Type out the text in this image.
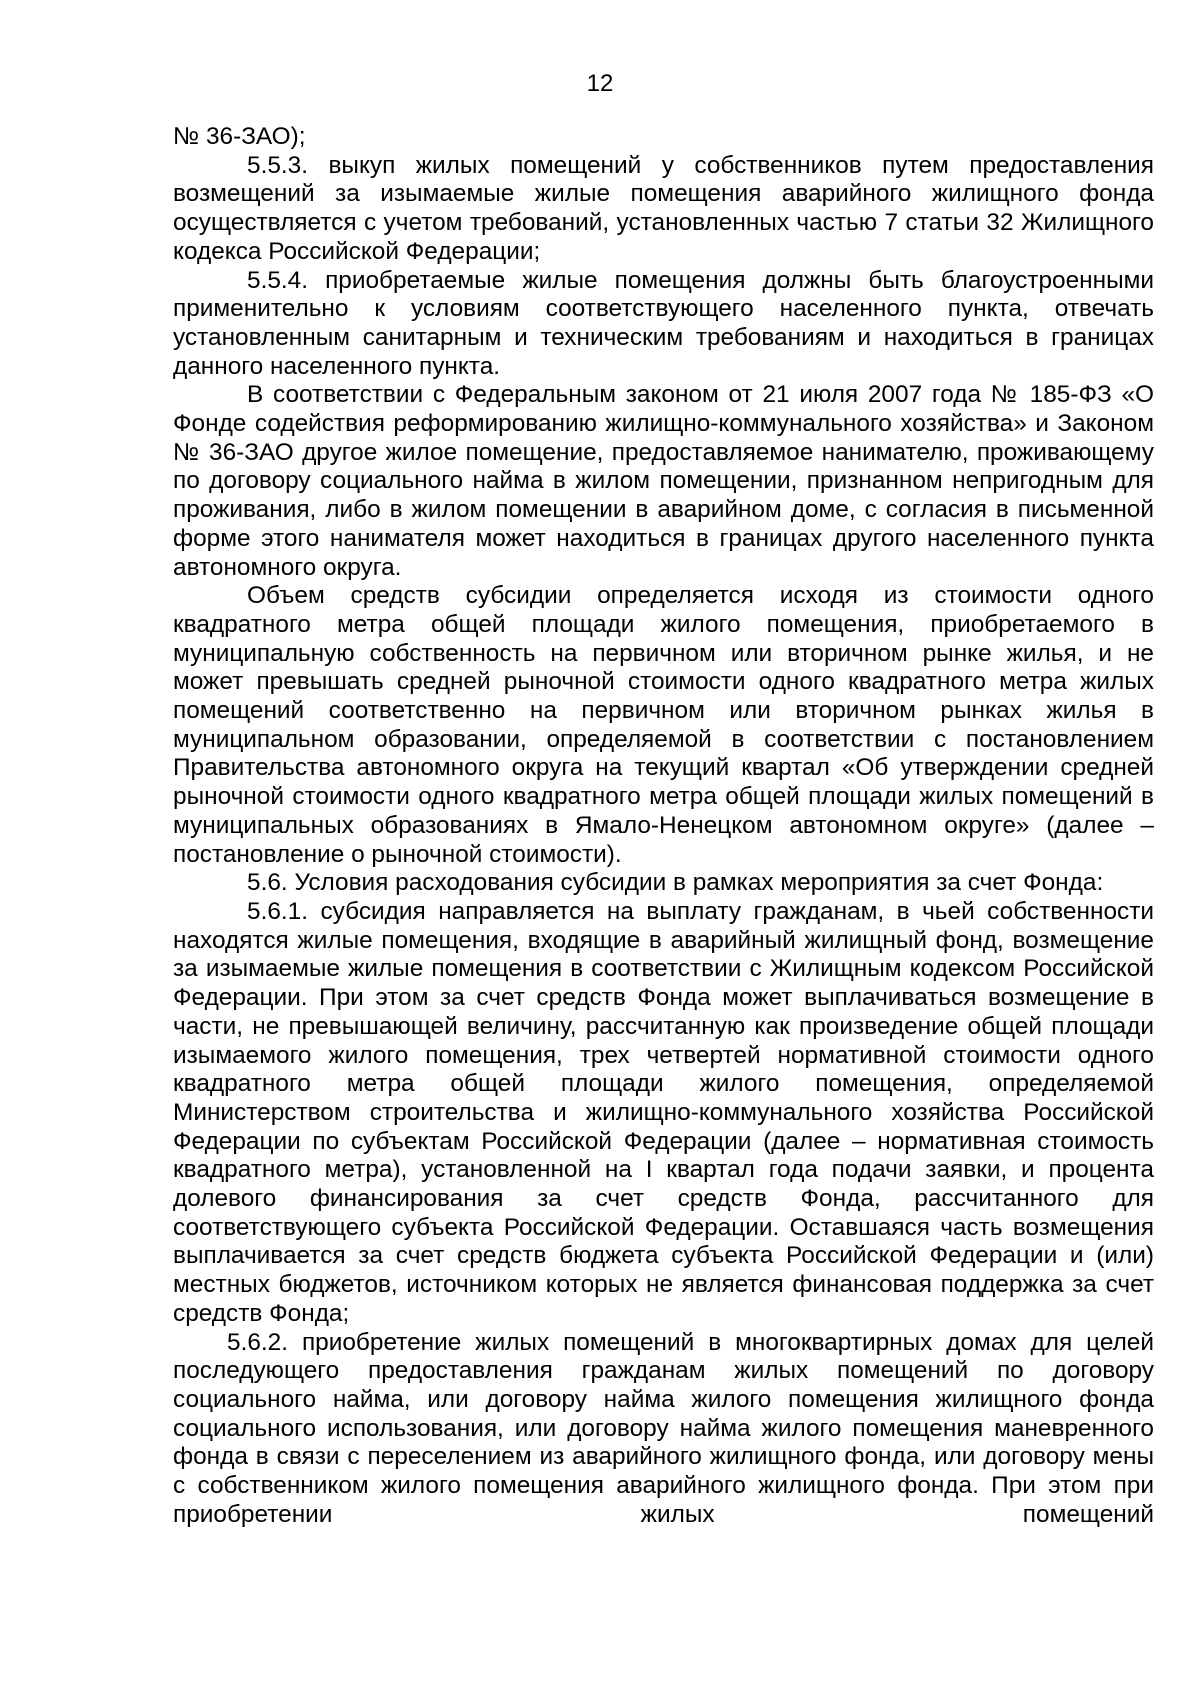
12

№ 36-ЗАО);

5.5.3. выкуп жилых помещений у собственников путем предоставления возмещений за изымаемые жилые помещения аварийного жилищного фонда осуществляется с учетом требований, установленных частью 7 статьи 32 Жилищного кодекса Российской Федерации;

5.5.4. приобретаемые жилые помещения должны быть благоустроенными применительно к условиям соответствующего населенного пункта, отвечать установленным санитарным и техническим требованиям и находиться в границах данного населенного пункта.

В соответствии с Федеральным законом от 21 июля 2007 года № 185-ФЗ «О Фонде содействия реформированию жилищно-коммунального хозяйства» и Законом № 36-ЗАО другое жилое помещение, предоставляемое нанимателю, проживающему по договору социального найма в жилом помещении, признанном непригодным для проживания, либо в жилом помещении в аварийном доме, с согласия в письменной форме этого нанимателя может находиться в границах другого населенного пункта автономного округа.

Объем средств субсидии определяется исходя из стоимости одного квадратного метра общей площади жилого помещения, приобретаемого в муниципальную собственность на первичном или вторичном рынке жилья, и не может превышать средней рыночной стоимости одного квадратного метра жилых помещений соответственно на первичном или вторичном рынках жилья в муниципальном образовании, определяемой в соответствии с постановлением Правительства автономного округа на текущий квартал «Об утверждении средней рыночной стоимости одного квадратного метра общей площади жилых помещений в муниципальных образованиях в Ямало-Ненецком автономном округе» (далее – постановление о рыночной стоимости).

5.6. Условия расходования субсидии в рамках мероприятия за счет Фонда:

5.6.1. субсидия направляется на выплату гражданам, в чьей собственности находятся жилые помещения, входящие в аварийный жилищный фонд, возмещение за изымаемые жилые помещения в соответствии с Жилищным кодексом Российской Федерации. При этом за счет средств Фонда может выплачиваться возмещение в части, не превышающей величину, рассчитанную как произведение общей площади изымаемого жилого помещения, трех четвертей нормативной стоимости одного квадратного метра общей площади жилого помещения, определяемой Министерством строительства и жилищно-коммунального хозяйства Российской Федерации по субъектам Российской Федерации (далее – нормативная стоимость квадратного метра), установленной на I квартал года подачи заявки, и процента долевого финансирования за счет средств Фонда, рассчитанного для соответствующего субъекта Российской Федерации. Оставшаяся часть возмещения выплачивается за счет средств бюджета субъекта Российской Федерации и (или) местных бюджетов, источником которых не является финансовая поддержка за счет средств Фонда;

5.6.2. приобретение жилых помещений в многоквартирных домах для целей последующего предоставления гражданам жилых помещений по договору социального найма, или договору найма жилого помещения жилищного фонда социального использования, или договору найма жилого помещения маневренного фонда в связи с переселением из аварийного жилищного фонда, или договору мены с собственником жилого помещения аварийного жилищного фонда. При этом при приобретении жилых помещений
